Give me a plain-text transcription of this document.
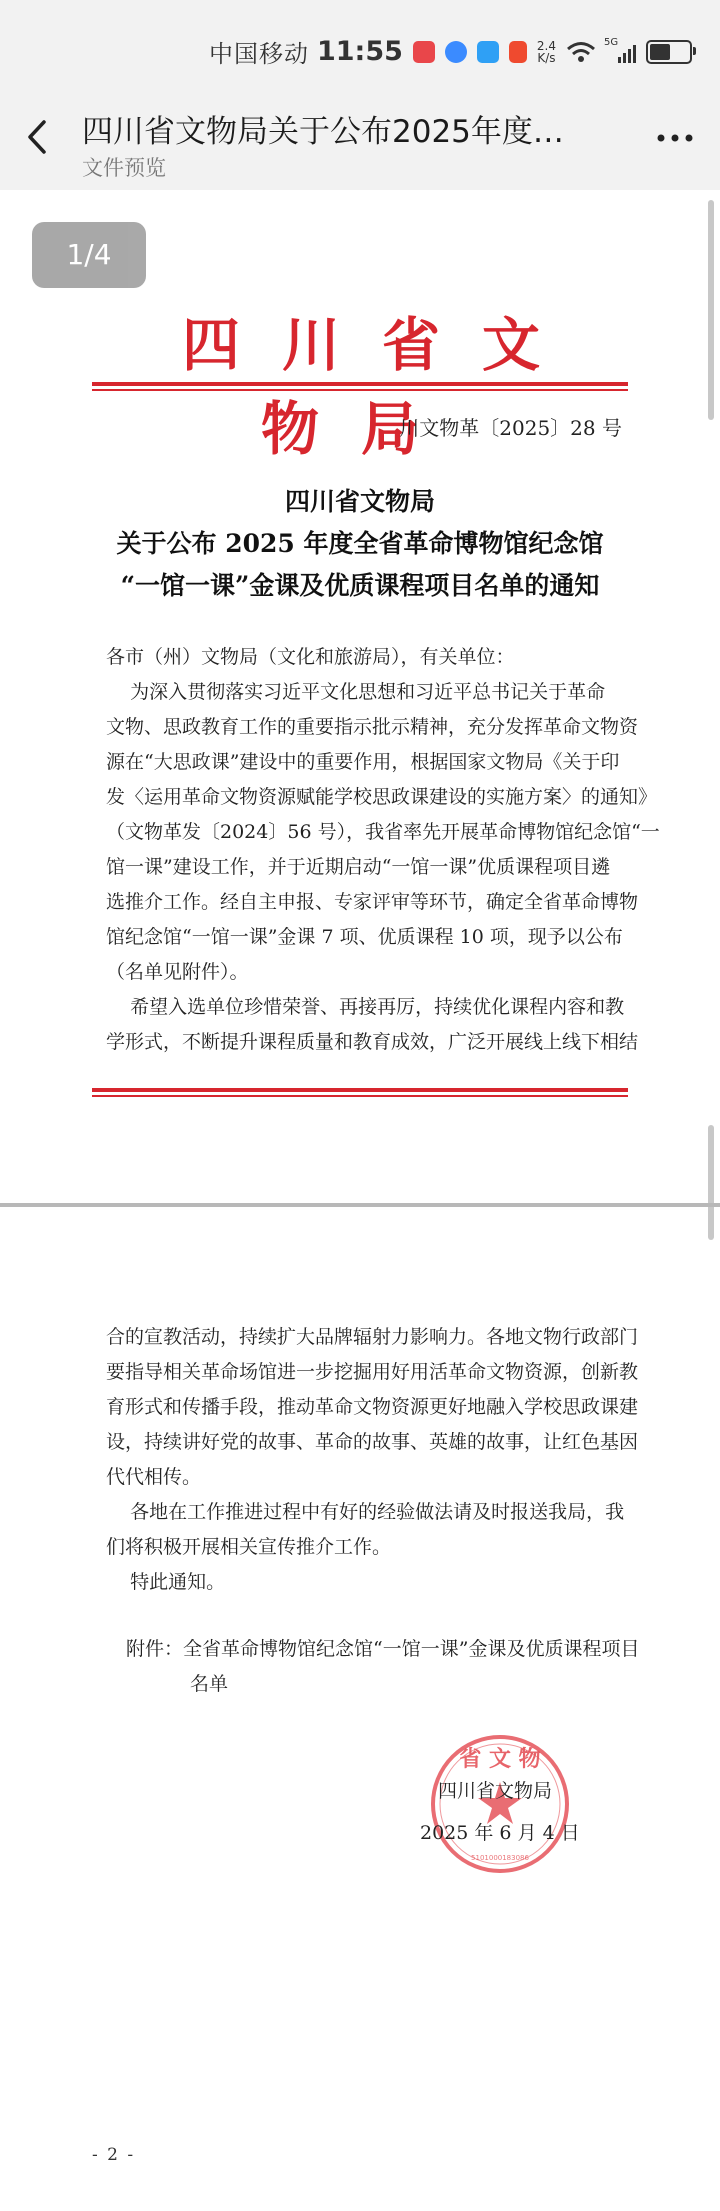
中国移动 11:55	2.4
K/s
5G
四川省文物局关于公布2025年度…
文件预览
四川省文物局
川文物革〔2025〕28 号
四川省文物局
关于公布 2025 年度全省革命博物馆纪念馆
“一馆一课”金课及优质课程项目名单的通知
各市（州）文物局（文化和旅游局），有关单位：
为深入贯彻落实习近平文化思想和习近平总书记关于革命
文物、思政教育工作的重要指示批示精神，充分发挥革命文物资
源在“大思政课”建设中的重要作用，根据国家文物局《关于印
发〈运用革命文物资源赋能学校思政课建设的实施方案〉的通知》
（文物革发〔2024〕56 号），我省率先开展革命博物馆纪念馆“一
馆一课”建设工作，并于近期启动“一馆一课”优质课程项目遴
选推介工作。经自主申报、专家评审等环节，确定全省革命博物
馆纪念馆“一馆一课”金课 7 项、优质课程 10 项，现予以公布
（名单见附件）。
希望入选单位珍惜荣誉、再接再厉，持续优化课程内容和教
学形式，不断提升课程质量和教育成效，广泛开展线上线下相结
合的宣教活动，持续扩大品牌辐射力影响力。各地文物行政部门
要指导相关革命场馆进一步挖掘用好用活革命文物资源，创新教
育形式和传播手段，推动革命文物资源更好地融入学校思政课建
设，持续讲好党的故事、革命的故事、英雄的故事，让红色基因
代代相传。
各地在工作推进过程中有好的经验做法请及时报送我局，我
们将积极开展相关宣传推介工作。
特此通知。
附件：全省革命博物馆纪念馆“一馆一课”金课及优质课程项目
名单
省 文 物
5101000183086
四川省文物局
2025 年 6 月 4 日
- 2 -
1/4
